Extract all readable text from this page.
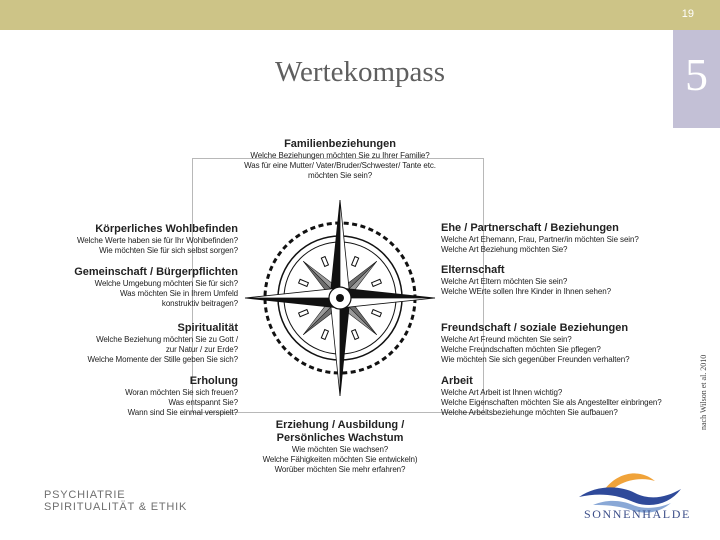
19
5
Wertekompass
Familienbeziehungen
Welche Beziehungen möchten Sie zu Ihrer Familie?
Was für eine Mutter/ Vater/Bruder/Schwester/ Tante etc.
möchten Sie sein?
Körperliches Wohlbefinden
Welche Werte haben sie für Ihr Wohlbefinden?
Wie möchten Sie für sich selbst sorgen?
Gemeinschaft / Bürgerpflichten
Welche Umgebung möchten Sie für sich?
Was möchten Sie in Ihrem Umfeld
konstruktiv beitragen?
Spiritualität
Welche Beziehung möchten Sie zu Gott /
zur Natur / zur Erde?
Welche Momente der Stille geben Sie sich?
Erholung
Woran möchten Sie sich freuen?
Was entspannt Sie?
Wann sind Sie einmal verspielt?
Ehe / Partnerschaft / Beziehungen
Welche Art Ehemann, Frau, Partner/in möchten Sie sein?
Welche Art Beziehung möchten Sie?
Elternschaft
Welche Art Eltern möchten Sie sein?
Welche WErte sollen Ihre Kinder in Ihnen sehen?
Freundschaft / soziale Beziehungen
Welche Art Freund möchten Sie sein?
Welche Freundschaften möchten Sie pflegen?
Wie möchten Sie sich gegenüber Freunden verhalten?
Arbeit
Welche Art Arbeit ist Ihnen wichtig?
Welche Eigenschaften möchten Sie als Angestellter einbringen?
Welche Arbeitsbeziehunge möchten Sie aufbauen?
Erziehung / Ausbildung /
Persönliches Wachstum
Wie möchten Sie wachsen?
Welche Fähigkeiten möchten Sie entwickeln)
Worüber möchten Sie mehr erfahren?
nach Wilson et al. 2010
PSYCHIATRIE
SPIRITUALITÄT & ETHIK	SONNENHALDE
